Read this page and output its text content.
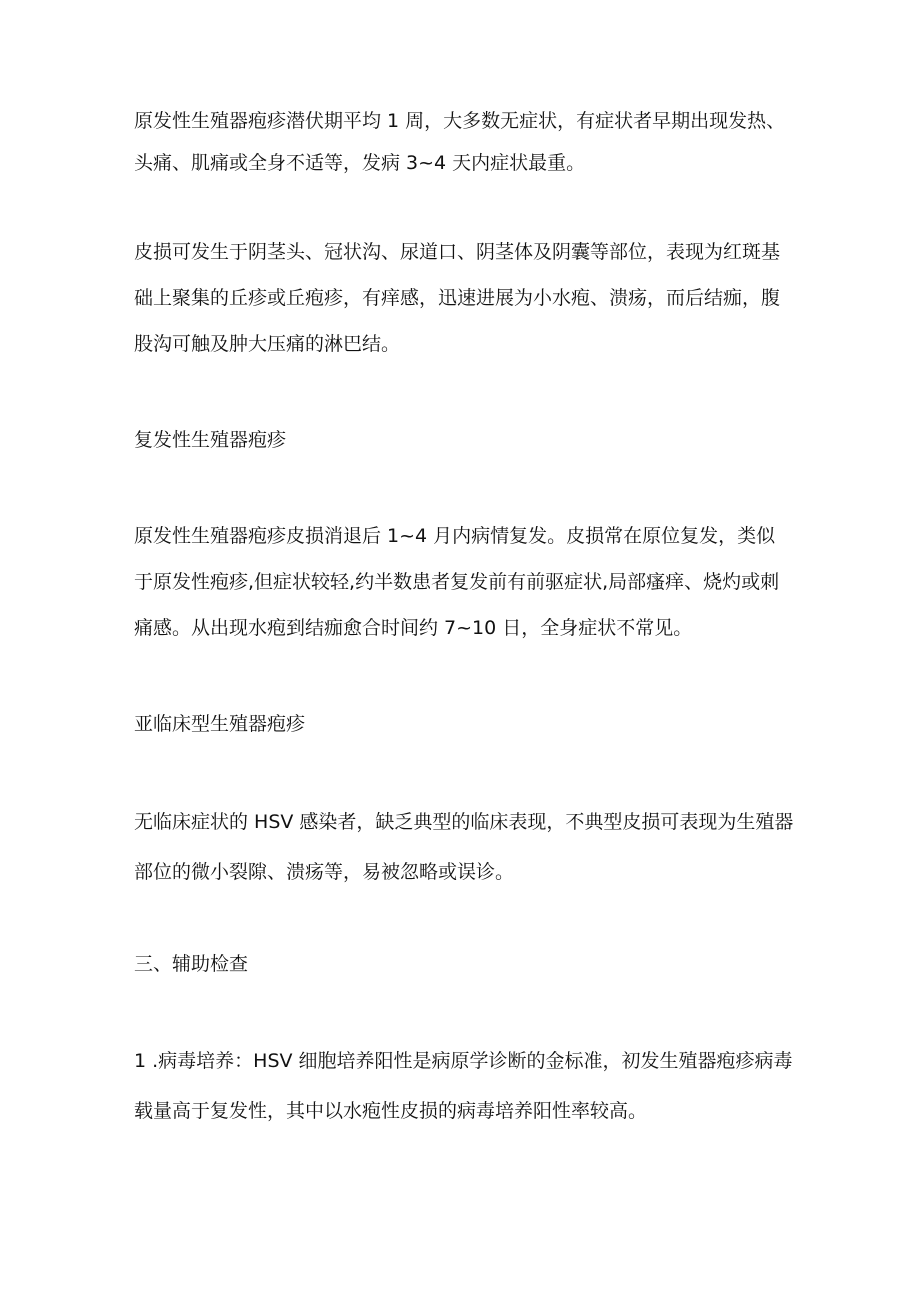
原发性生殖器疱疹潜伏期平均 1 周，大多数无症状，有症状者早期出现发热、头痛、肌痛或全身不适等，发病 3~4 天内症状最重。
皮损可发生于阴茎头、冠状沟、尿道口、阴茎体及阴囊等部位，表现为红斑基础上聚集的丘疹或丘疱疹，有痒感，迅速进展为小水疱、溃疡，而后结痂，腹股沟可触及肿大压痛的淋巴结。
复发性生殖器疱疹
原发性生殖器疱疹皮损消退后 1~4 月内病情复发。皮损常在原位复发，类似于原发性疱疹,但症状较轻,约半数患者复发前有前驱症状,局部瘙痒、烧灼或刺痛感。从出现水疱到结痂愈合时间约 7~10 日，全身症状不常见。
亚临床型生殖器疱疹
无临床症状的 HSV 感染者，缺乏典型的临床表现，不典型皮损可表现为生殖器部位的微小裂隙、溃疡等，易被忽略或误诊。
三、辅助检查
1 .病毒培养：HSV 细胞培养阳性是病原学诊断的金标准，初发生殖器疱疹病毒载量高于复发性，其中以水疱性皮损的病毒培养阳性率较高。
